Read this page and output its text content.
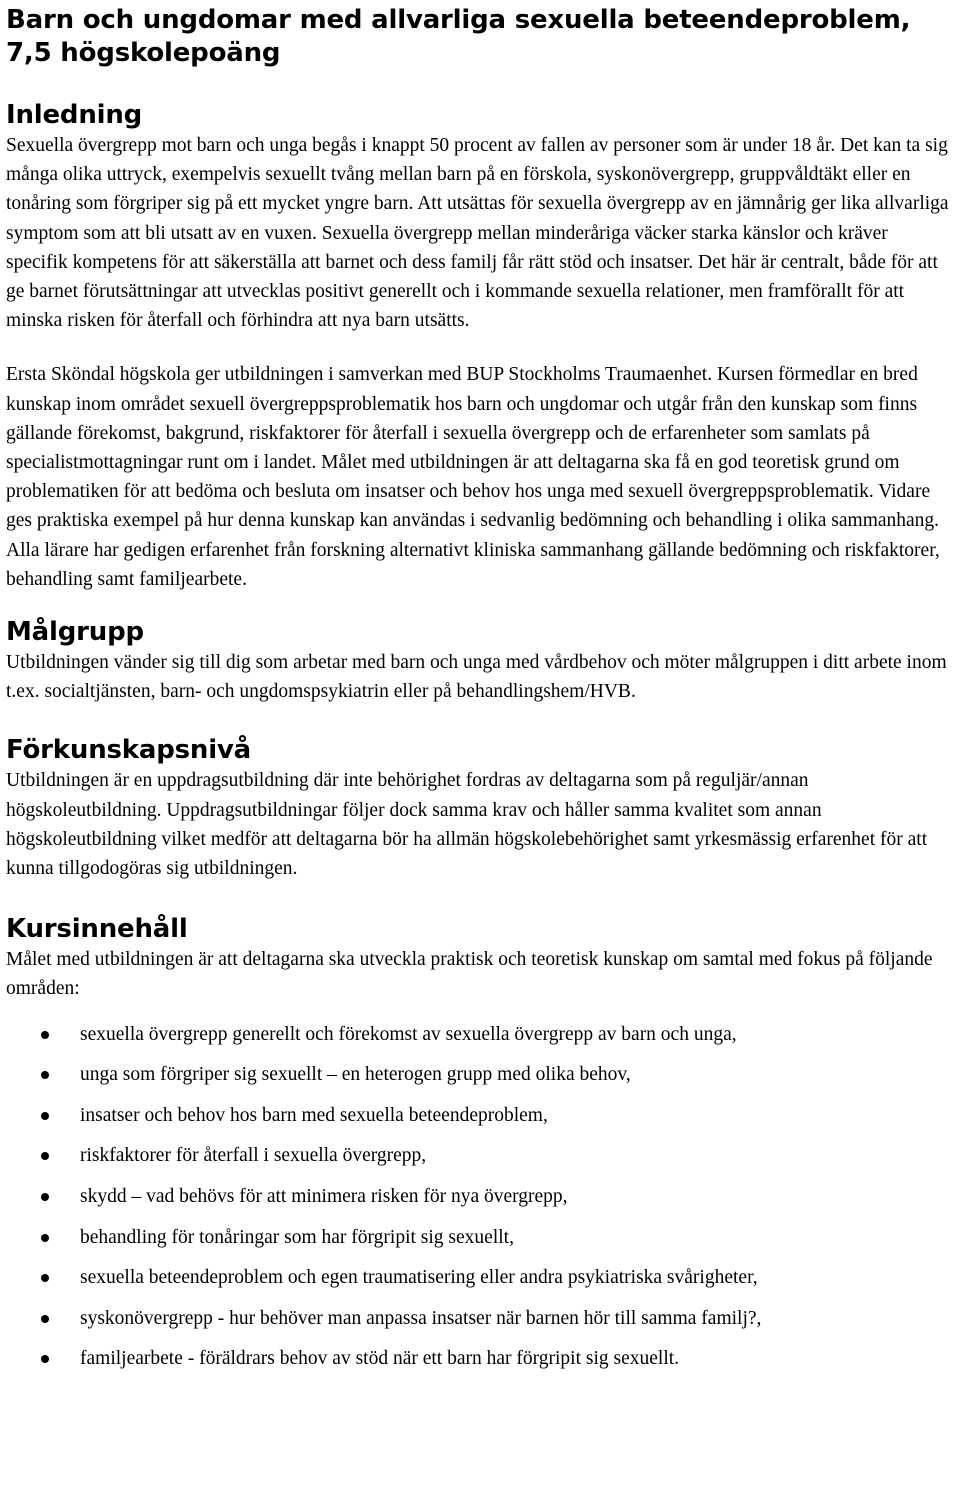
Barn och ungdomar med allvarliga sexuella beteendeproblem, 7,5 högskolepoäng
Inledning

Sexuella övergrepp mot barn och unga begås i knappt 50 procent av fallen av personer som är under 18 år. Det kan ta sig många olika uttryck, exempelvis sexuellt tvång mellan barn på en förskola, syskonövergrepp, gruppvåldtäkt eller en tonåring som förgriper sig på ett mycket yngre barn. Att utsättas för sexuella övergrepp av en jämnårig ger lika allvarliga symptom som att bli utsatt av en vuxen. Sexuella övergrepp mellan minderåriga väcker starka känslor och kräver specifik kompetens för att säkerställa att barnet och dess familj får rätt stöd och insatser. Det här är centralt, både för att ge barnet förutsättningar att utvecklas positivt generellt och i kommande sexuella relationer, men framförallt för att minska risken för återfall och förhindra att nya barn utsätts.

Ersta Sköndal högskola ger utbildningen i samverkan med BUP Stockholms Traumaenhet. Kursen förmedlar en bred kunskap inom området sexuell övergreppsproblematik hos barn och ungdomar och utgår från den kunskap som finns gällande förekomst, bakgrund, riskfaktorer för återfall i sexuella övergrepp och de erfarenheter som samlats på specialistmottagningar runt om i landet. Målet med utbildningen är att deltagarna ska få en god teoretisk grund om problematiken för att bedöma och besluta om insatser och behov hos unga med sexuell övergreppsproblematik. Vidare ges praktiska exempel på hur denna kunskap kan användas i sedvanlig bedömning och behandling i olika sammanhang. Alla lärare har gedigen erfarenhet från forskning alternativt kliniska sammanhang gällande bedömning och riskfaktorer, behandling samt familjearbete.

Målgrupp

Utbildningen vänder sig till dig som arbetar med barn och unga med vårdbehov och möter målgruppen i ditt arbete inom t.ex. socialtjänsten, barn- och ungdomspsykiatrin eller på behandlingshem/HVB.

Förkunskapsnivå

Utbildningen är en uppdragsutbildning där inte behörighet fordras av deltagarna som på reguljär/annan högskoleutbildning. Uppdragsutbildningar följer dock samma krav och håller samma kvalitet som annan högskoleutbildning vilket medför att deltagarna bör ha allmän högskolebehörighet samt yrkesmässig erfarenhet för att kunna tillgodogöras sig utbildningen.

Kursinnehåll

Målet med utbildningen är att deltagarna ska utveckla praktisk och teoretisk kunskap om samtal med fokus på följande områden:

sexuella övergrepp generellt och förekomst av sexuella övergrepp av barn och unga,
unga som förgriper sig sexuellt – en heterogen grupp med olika behov,
insatser och behov hos barn med sexuella beteendeproblem,
riskfaktorer för återfall i sexuella övergrepp,
skydd – vad behövs för att minimera risken för nya övergrepp,
behandling för tonåringar som har förgripit sig sexuellt,
sexuella beteendeproblem och egen traumatisering eller andra psykiatriska svårigheter,
syskonövergrepp - hur behöver man anpassa insatser när barnen hör till samma familj?,
familjearbete - föräldrars behov av stöd när ett barn har förgripit sig sexuellt.
